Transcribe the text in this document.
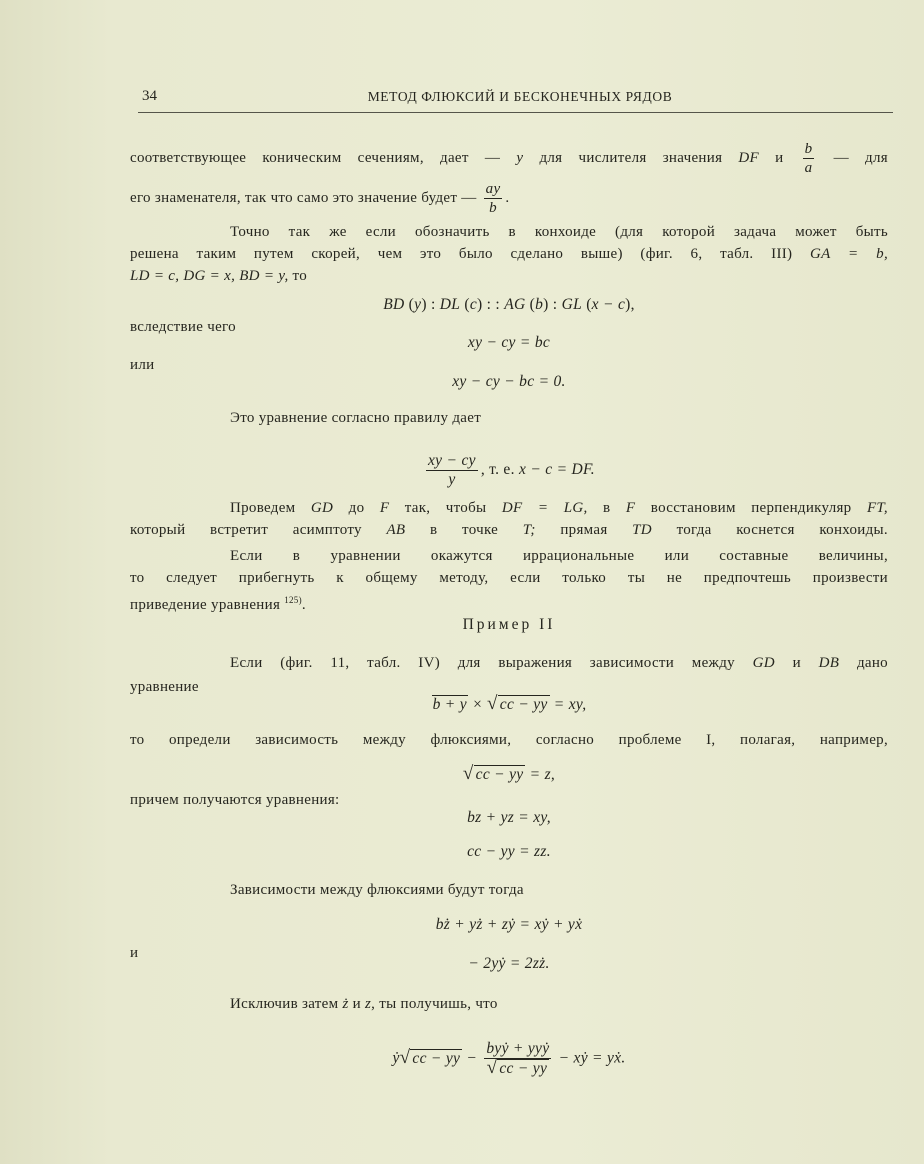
34	МЕТОД ФЛЮКСИЙ И БЕСКОНЕЧНЫХ РЯДОВ
соответствующее коническим сечениям, дает — y для числителя значения DF и $\frac{b}{a}$ — для
его знаменателя, так что само это значение будет — $\frac{ay}{b}$ .
Точно так же если обозначить в конхоиде (для которой задача может быть
решена таким путем скорей, чем это было сделано выше) (фиг. 6, табл. III) GA = b,
LD = c, DG = x, BD = y, то
BD (y) : DL (c) : : AG (b) : GL (x − c),
вследствие чего
xy − cy = bc
или
xy − cy − bc = 0.
Это уравнение согласно правилу дает
$\frac{xy - cy}{y}$ , т. е. x − c = DF.
Проведем GD до F так, чтобы DF = LG, в F восстановим перпендикуляр FT,
который встретит асимптоту AB в точке T; прямая TD тогда коснется конхоиды.
Если в уравнении окажутся иррациональные или составные величины,
то следует прибегнуть к общему методу, если только ты не предпочтешь произвести
приведение уравнения $^{125)}$.
Пример II
Если (фиг. 11, табл. IV) для выражения зависимости между GD и DB дано
уравнение
b + y × √ cc − yy = xy,
то определи зависимость между флюксиями, согласно проблеме I, полагая, например,
√ cc − yy = z,
причем получаются уравнения:
bz + yz = xy,
cc − yy = zz.
Зависимости между флюксиями будут тогда
bż + yż + zẏ = xẏ + yẋ
и
− 2yẏ = 2zż.
Исключив затем ż и z, ты получишь, что
ẏ√ cc − yy − $\frac{\text{byẏ + yyẏ}}{√ cc - yy}$ − xẏ = yẋ.
